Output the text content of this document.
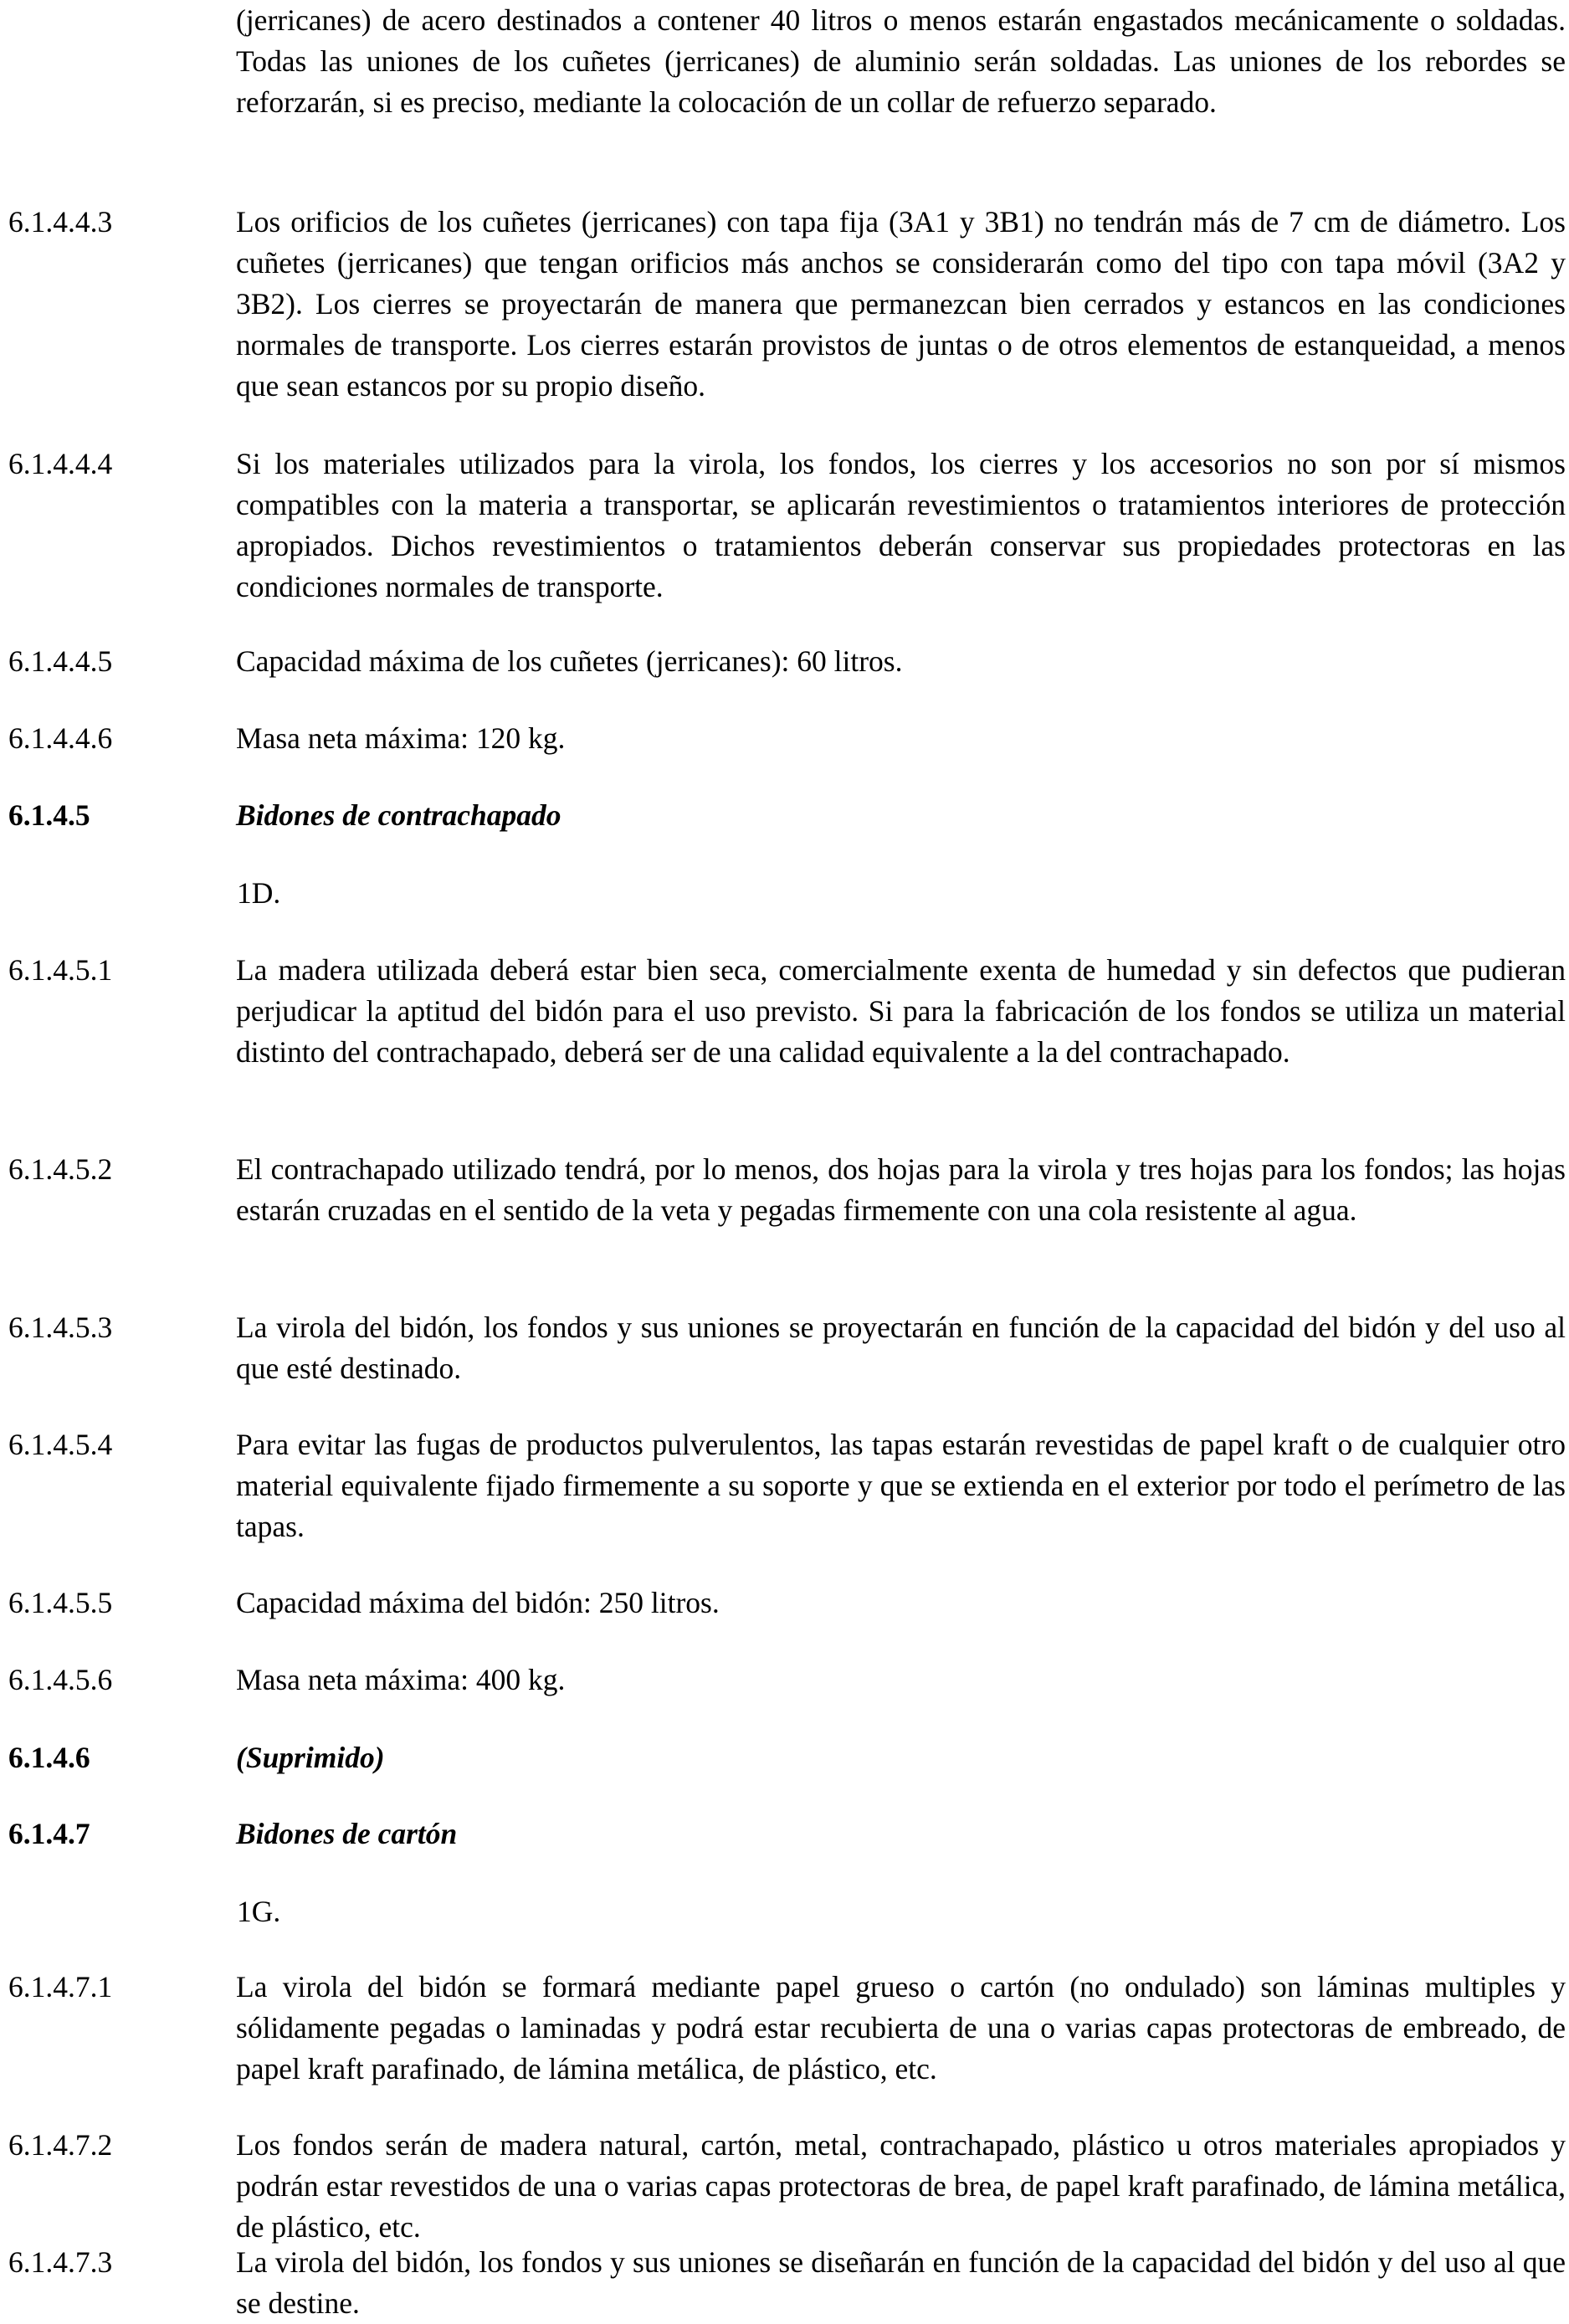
(jerricanes) de acero destinados a contener 40 litros o menos estarán engastados mecánicamente o soldadas. Todas las uniones de los cuñetes (jerricanes) de aluminio serán soldadas. Las uniones de los rebordes se reforzarán, si es preciso, mediante la colocación de un collar de refuerzo separado.
6.1.4.4.3	Los orificios de los cuñetes (jerricanes) con tapa fija (3A1 y 3B1) no tendrán más de 7 cm de diámetro. Los cuñetes (jerricanes) que tengan orificios más anchos se considerarán como del tipo con tapa móvil (3A2 y 3B2). Los cierres se proyectarán de manera que permanezcan bien cerrados y estancos en las condiciones normales de transporte. Los cierres estarán provistos de juntas o de otros elementos de estanqueidad, a menos que sean estancos por su propio diseño.
6.1.4.4.4	Si los materiales utilizados para la virola, los fondos, los cierres y los accesorios no son por sí mismos compatibles con la materia a transportar, se aplicarán revestimientos o tratamientos interiores de protección apropiados. Dichos revestimientos o tratamientos deberán conservar sus propiedades protectoras en las condiciones normales de transporte.
6.1.4.4.5	Capacidad máxima de los cuñetes (jerricanes): 60 litros.
6.1.4.4.6	Masa neta máxima: 120 kg.
6.1.4.5	Bidones de contrachapado
1D.
6.1.4.5.1	La madera utilizada deberá estar bien seca, comercialmente exenta de humedad y sin defectos que pudieran perjudicar la aptitud del bidón para el uso previsto. Si para la fabricación de los fondos se utiliza un material distinto del contrachapado, deberá ser de una calidad equivalente a la del contrachapado.
6.1.4.5.2	El contrachapado utilizado tendrá, por lo menos, dos hojas para la virola y tres hojas para los fondos; las hojas estarán cruzadas en el sentido de la veta y pegadas firmemente con una cola resistente al agua.
6.1.4.5.3	La virola del bidón, los fondos y sus uniones se proyectarán en función de la capacidad del bidón y del uso al que esté destinado.
6.1.4.5.4	Para evitar las fugas de productos pulverulentos, las tapas estarán revestidas de papel kraft o de cualquier otro material equivalente fijado firmemente a su soporte y que se extienda en el exterior por todo el perímetro de las tapas.
6.1.4.5.5	Capacidad máxima del bidón: 250 litros.
6.1.4.5.6	Masa neta máxima: 400 kg.
6.1.4.6	(Suprimido)
6.1.4.7	Bidones de cartón
1G.
6.1.4.7.1	La virola del bidón se formará mediante papel grueso o cartón (no ondulado) son láminas multiples y sólidamente pegadas o laminadas y podrá estar recubierta de una o varias capas protectoras de embreado, de papel kraft parafinado, de lámina metálica, de plástico, etc.
6.1.4.7.2	Los fondos serán de madera natural, cartón, metal, contrachapado, plástico u otros materiales apropiados y podrán estar revestidos de una o varias capas protectoras de brea, de papel kraft parafinado, de lámina metálica, de plástico, etc.
6.1.4.7.3	La virola del bidón, los fondos y sus uniones se diseñarán en función de la capacidad del bidón y del uso al que se destine.
